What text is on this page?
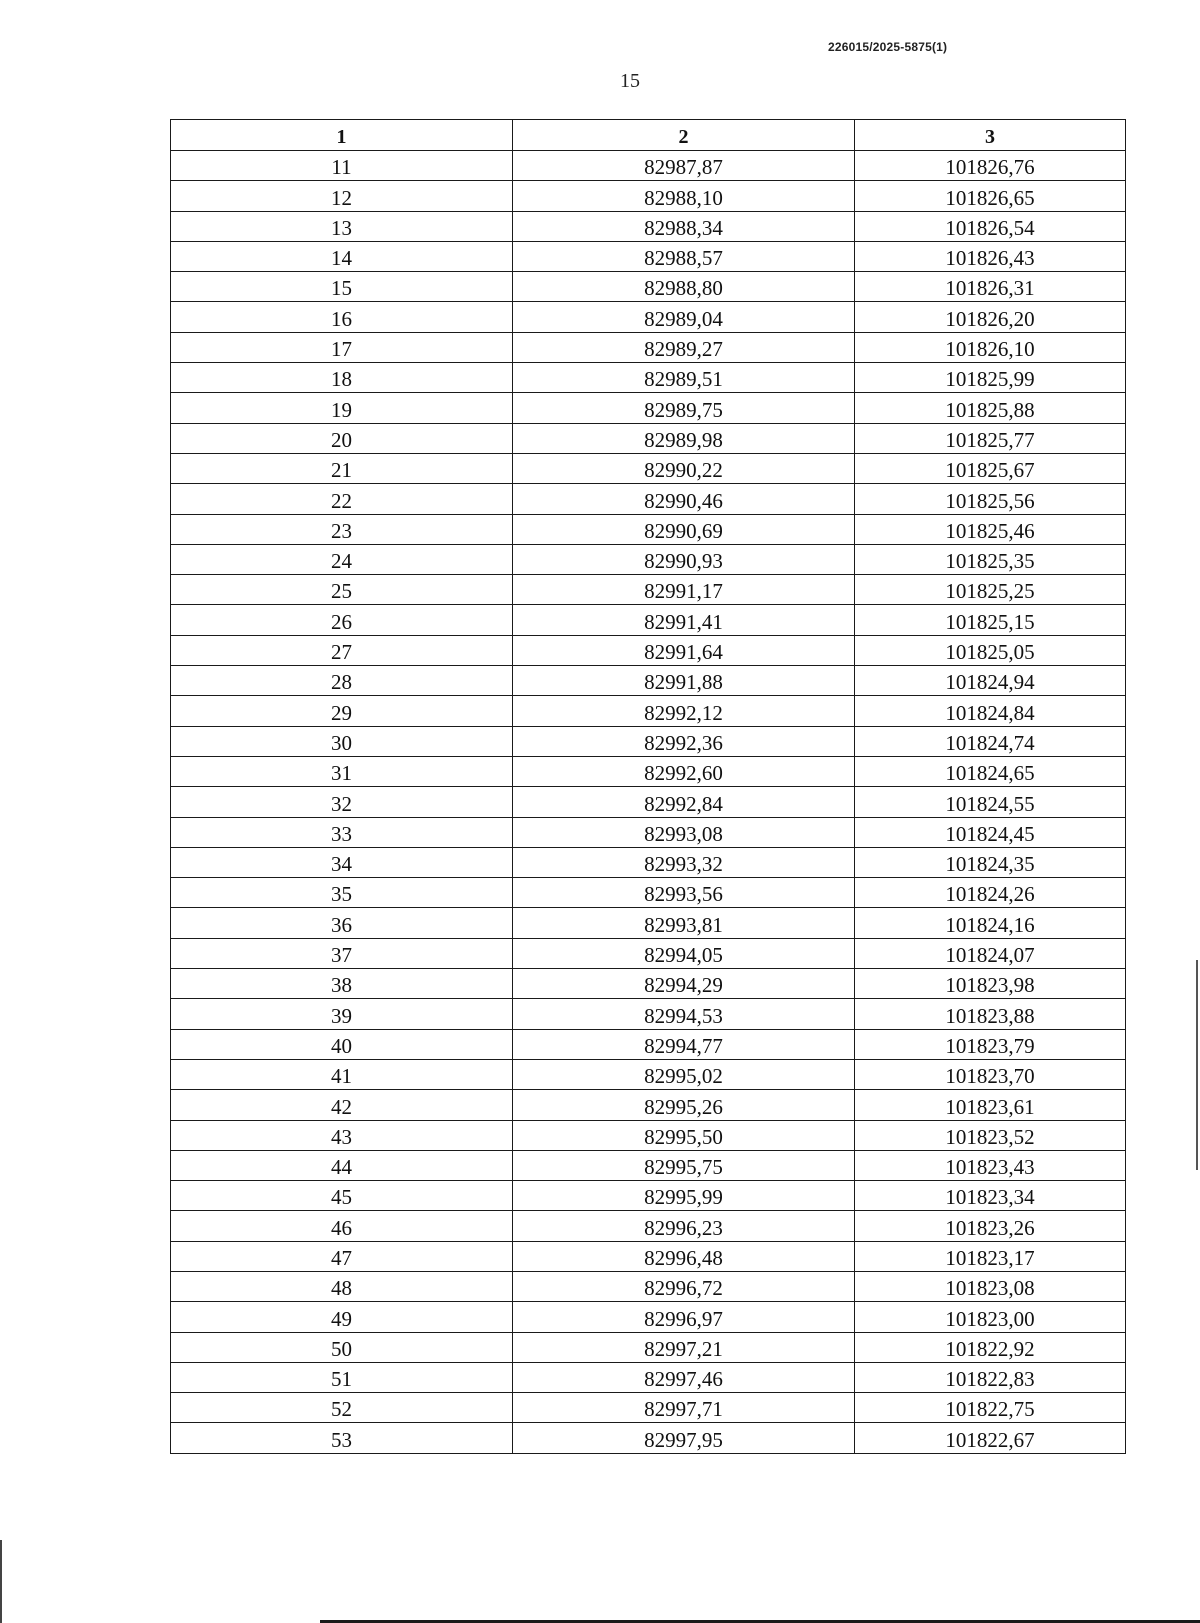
226015/2025-5875(1)
15
1	2	3
11	82987,87	101826,76
12	82988,10	101826,65
13	82988,34	101826,54
14	82988,57	101826,43
15	82988,80	101826,31
16	82989,04	101826,20
17	82989,27	101826,10
18	82989,51	101825,99
19	82989,75	101825,88
20	82989,98	101825,77
21	82990,22	101825,67
22	82990,46	101825,56
23	82990,69	101825,46
24	82990,93	101825,35
25	82991,17	101825,25
26	82991,41	101825,15
27	82991,64	101825,05
28	82991,88	101824,94
29	82992,12	101824,84
30	82992,36	101824,74
31	82992,60	101824,65
32	82992,84	101824,55
33	82993,08	101824,45
34	82993,32	101824,35
35	82993,56	101824,26
36	82993,81	101824,16
37	82994,05	101824,07
38	82994,29	101823,98
39	82994,53	101823,88
40	82994,77	101823,79
41	82995,02	101823,70
42	82995,26	101823,61
43	82995,50	101823,52
44	82995,75	101823,43
45	82995,99	101823,34
46	82996,23	101823,26
47	82996,48	101823,17
48	82996,72	101823,08
49	82996,97	101823,00
50	82997,21	101822,92
51	82997,46	101822,83
52	82997,71	101822,75
53	82997,95	101822,67
